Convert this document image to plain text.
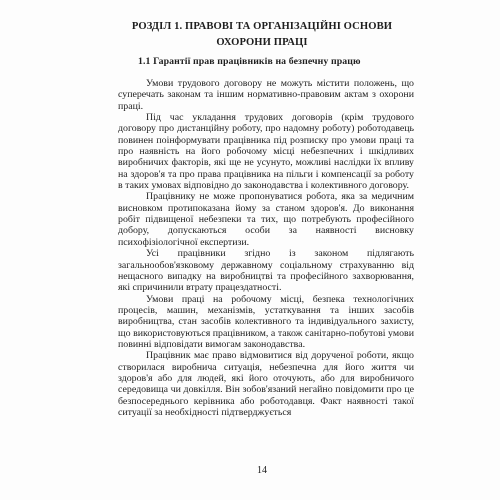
РОЗДІЛ 1. ПРАВОВІ ТА ОРГАНІЗАЦІЙНІ ОСНОВИ
ОХОРОНИ ПРАЦІ
1.1 Гарантії прав працівників на безпечну працю

Умови трудового договору не можуть містити положень, що суперечать законам та іншим нормативно-правовим актам з охорони праці.

Під час укладання трудових договорів (крім трудового договору про дистанційну роботу, про надомну роботу) роботодавець повинен поінформувати працівника під розписку про умови праці та про наявність на його робочому місці небезпечних і шкідливих виробничих факторів, які ще не усунуто, можливі наслідки їх впливу на здоров'я та про права працівника на пільги і компенсації за роботу в таких умовах відповідно до законодавства і колективного договору.

Працівнику не може пропонуватися робота, яка за медичним висновком протипоказана йому за станом здоров'я. До виконання робіт підвищеної небезпеки та тих, що потребують професійного добору, допускаються особи за наявності висновку психофізіологічної експертизи.

Усі працівники згідно із законом підлягають загальнообов'язковому державному соціальному страхуванню від нещасного випадку на виробництві та професійного захворювання, які спричинили втрату працездатності.

Умови праці на робочому місці, безпека технологічних процесів, машин, механізмів, устаткування та інших засобів виробництва, стан засобів колективного та індивідуального захисту, що використовуються працівником, а також санітарно-побутові умови повинні відповідати вимогам законодавства.

Працівник має право відмовитися від дорученої роботи, якщо створилася виробнича ситуація, небезпечна для його життя чи здоров'я або для людей, які його оточують, або для виробничого середовища чи довкілля. Він зобов'язаний негайно повідомити про це безпосереднього керівника або роботодавця. Факт наявності такої ситуації за необхідності підтверджується

14
